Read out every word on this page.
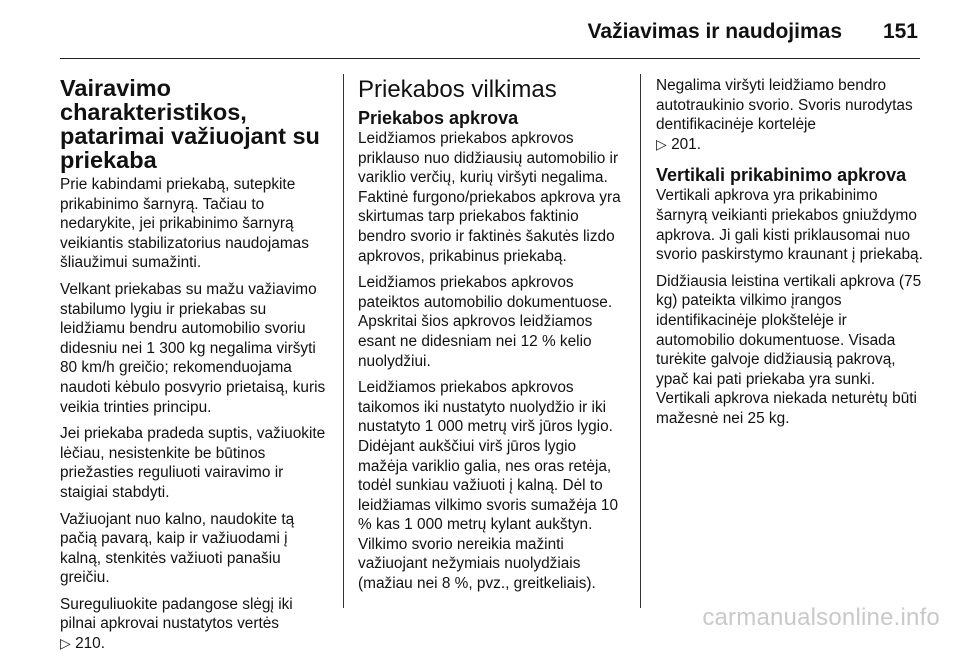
Važiavimas ir naudojimas 151
Vairavimo charakteristikos, patarimai važiuojant su priekaba

Prie kabindami priekabą, sutepkite prikabinimo šarnyrą. Tačiau to nedarykite, jei prikabinimo šarnyrą veikiantis stabilizatorius naudojamas šliaužimui sumažinti.

Velkant priekabas su mažu važiavimo stabilumo lygiu ir priekabas su leidžiamu bendru automobilio svoriu didesniu nei 1 300 kg negalima viršyti 80 km/h greičio; rekomenduojama naudoti kėbulo posvyrio prietaisą, kuris veikia trinties principu.

Jei priekaba pradeda suptis, važiuokite lėčiau, nesistenkite be būtinos priežasties reguliuoti vairavimo ir staigiai stabdyti.

Važiuojant nuo kalno, naudokite tą pačią pavarą, kaip ir važiuodami į kalną, stenkitės važiuoti panašiu greičiu.

Sureguliuokite padangose slėgį iki pilnai apkrovai nustatytos vertės
▷ 210.

Priekabos vilkimas
Priekabos apkrova

Leidžiamos priekabos apkrovos priklauso nuo didžiausių automobilio ir variklio verčių, kurių viršyti negalima. Faktinė furgono/priekabos apkrova yra skirtumas tarp priekabos faktinio bendro svorio ir faktinės šakutės lizdo apkrovos, prikabinus priekabą.

Leidžiamos priekabos apkrovos pateiktos automobilio dokumentuose. Apskritai šios apkrovos leidžiamos esant ne didesniam nei 12 % kelio nuolydžiui.

Leidžiamos priekabos apkrovos taikomos iki nustatyto nuolydžio ir iki nustatyto 1 000 metrų virš jūros lygio. Didėjant aukščiui virš jūros lygio mažėja variklio galia, nes oras retėja, todėl sunkiau važiuoti į kalną. Dėl to leidžiamas vilkimo svoris sumažėja 10 % kas 1 000 metrų kylant aukštyn. Vilkimo svorio nereikia mažinti važiuojant nežymiais nuolydžiais (mažiau nei 8 %, pvz., greitkeliais).

Negalima viršyti leidžiamo bendro autotraukinio svorio. Svoris nurodytas dentifikacinėje kortelėje
▷ 201.

Vertikali prikabinimo apkrova

Vertikali apkrova yra prikabinimo šarnyrą veikianti priekabos gniuždymo apkrova. Ji gali kisti priklausomai nuo svorio paskirstymo kraunant į priekabą.

Didžiausia leistina vertikali apkrova (75 kg) pateikta vilkimo įrangos identifikacinėje plokštelėje ir automobilio dokumentuose. Visada turėkite galvoje didžiausią pakrovą, ypač kai pati priekaba yra sunki. Vertikali apkrova niekada neturėtų būti mažesnė nei 25 kg.

carmanualsonline.info
